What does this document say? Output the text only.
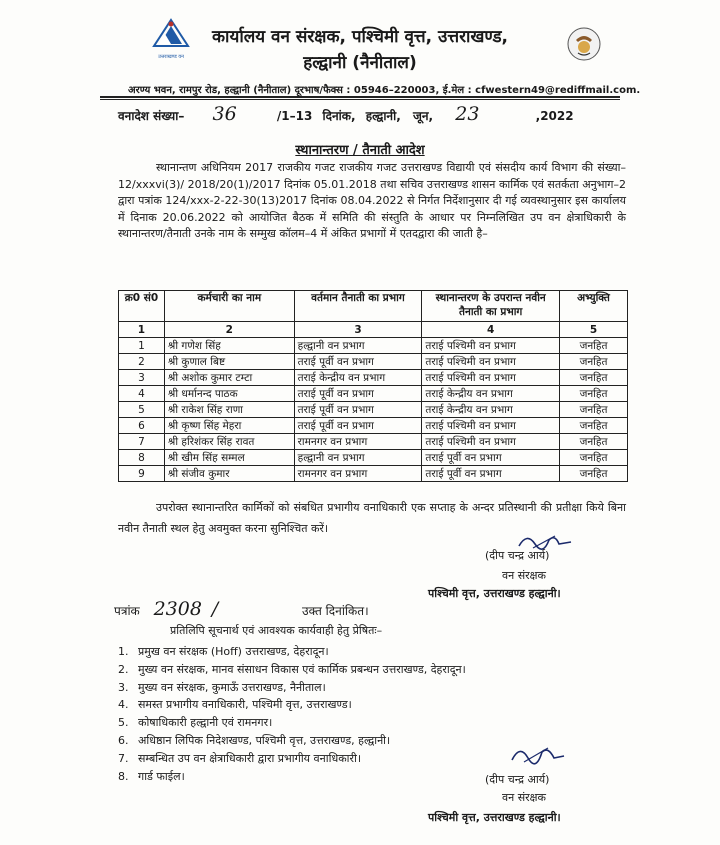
उत्तराखण्ड वन
कार्यालय वन संरक्षक, पश्चिमी वृत्त, उत्तराखण्ड,
हल्द्वानी (नैनीताल)
अरण्य भवन, रामपुर रोड, हल्द्वानी (नैनीताल) दूरभाष/फैक्स : 05946–220003, ई.मेल : cfwestern49@rediffmail.com.
वनादेश संख्या– 36	/1–13 दिनांक, हल्द्वानी, जून, 23	,2022
स्थानान्तरण / तैनाती आदेश
स्थानान्तण अधिनियम 2017 राजकीय गजट राजकीय गजट उत्तराखण्ड विद्यायी एवं संसदीय कार्य विभाग की संख्या–12/xxxvi(3)/ 2018/20(1)/2017 दिनांक 05.01.2018 तथा सचिव उत्तराखण्ड शासन कार्मिक एवं सतर्कता अनुभाग–2 द्वारा पत्रांक 124/xxx-2-22-30(13)2017 दिनांक 08.04.2022 से निर्गत निर्देशानुसार दी गई व्यवस्थानुसार इस कार्यालय में दिनाक 20.06.2022 को आयोजित बैठक में समिति की संस्तुति के आधार पर निम्नलिखित उप वन क्षेत्राधिकारी के स्थानान्तरण/तैनाती उनके नाम के सम्मुख कॉलम–4 में अंकित प्रभागों में एतदद्वारा की जाती है–
क्र0 सं0	कर्मचारी का नाम	वर्तमान तैनाती का प्रभाग	स्थानान्तरण के उपरान्त नवीन तैनाती का प्रभाग	अभ्युक्ति
1	2	3	4	5
1	श्री गणेश सिंह	हल्द्वानी वन प्रभाग	तराई पश्चिमी वन प्रभाग	जनहित
2	श्री कुणाल बिष्ट	तराई पूर्वी वन प्रभाग	तराई पश्चिमी वन प्रभाग	जनहित
3	श्री अशोक कुमार टम्टा	तराई केन्द्रीय वन प्रभाग	तराई पश्चिमी वन प्रभाग	जनहित
4	श्री धर्मानन्द पाठक	तराई पूर्वी वन प्रभाग	तराई केन्द्रीय वन प्रभाग	जनहित
5	श्री राकेश सिंह राणा	तराई पूर्वी वन प्रभाग	तराई केन्द्रीय वन प्रभाग	जनहित
6	श्री कृष्ण सिंह मेहरा	तराई पूर्वी वन प्रभाग	तराई पश्चिमी वन प्रभाग	जनहित
7	श्री हरिशंकर सिंह रावत	रामनगर वन प्रभाग	तराई पश्चिमी वन प्रभाग	जनहित
8	श्री खीम सिंह सम्मल	हल्द्वानी वन प्रभाग	तराई पूर्वी वन प्रभाग	जनहित
9	श्री संजीव कुमार	रामनगर वन प्रभाग	तराई पूर्वी वन प्रभाग	जनहित
उपरोक्त स्थानान्तरित कार्मिकों को संबधित प्रभागीय वनाधिकारी एक सप्ताह के अन्दर प्रतिस्थानी की प्रतीक्षा किये बिना नवीन तैनाती स्थल हेतु अवमुक्त करना सुनिश्चित करें।
(दीप चन्द्र आर्य)
वन संरक्षक
पश्चिमी वृत्त, उत्तराखण्ड हल्द्वानी।
पत्रांक 2308 /	उक्त दिनांकित।
प्रतिलिपि सूचनार्थ एवं आवश्यक कार्यवाही हेतु प्रेषितः–
1. प्रमुख वन संरक्षक (Hoff) उत्तराखण्ड, देहरादून।
2. मुख्य वन संरक्षक, मानव संसाधन विकास एवं कार्मिक प्रबन्धन उत्तराखण्ड, देहरादून।
3. मुख्य वन संरक्षक, कुमाऊँ उत्तराखण्ड, नैनीताल।
4. समस्त प्रभागीय वनाधिकारी, पश्चिमी वृत्त, उत्तराखण्ड।
5. कोषाधिकारी हल्द्वानी एवं रामनगर।
6. अधिष्ठान लिपिक निदेशखण्ड, पश्चिमी वृत्त, उत्तराखण्ड, हल्द्वानी।
7. सम्बन्धित उप वन क्षेत्राधिकारी द्वारा प्रभागीय वनाधिकारी।
8. गार्ड फाईल।	(दीप चन्द्र आर्य)
वन संरक्षक
पश्चिमी वृत्त, उत्तराखण्ड हल्द्वानी।
